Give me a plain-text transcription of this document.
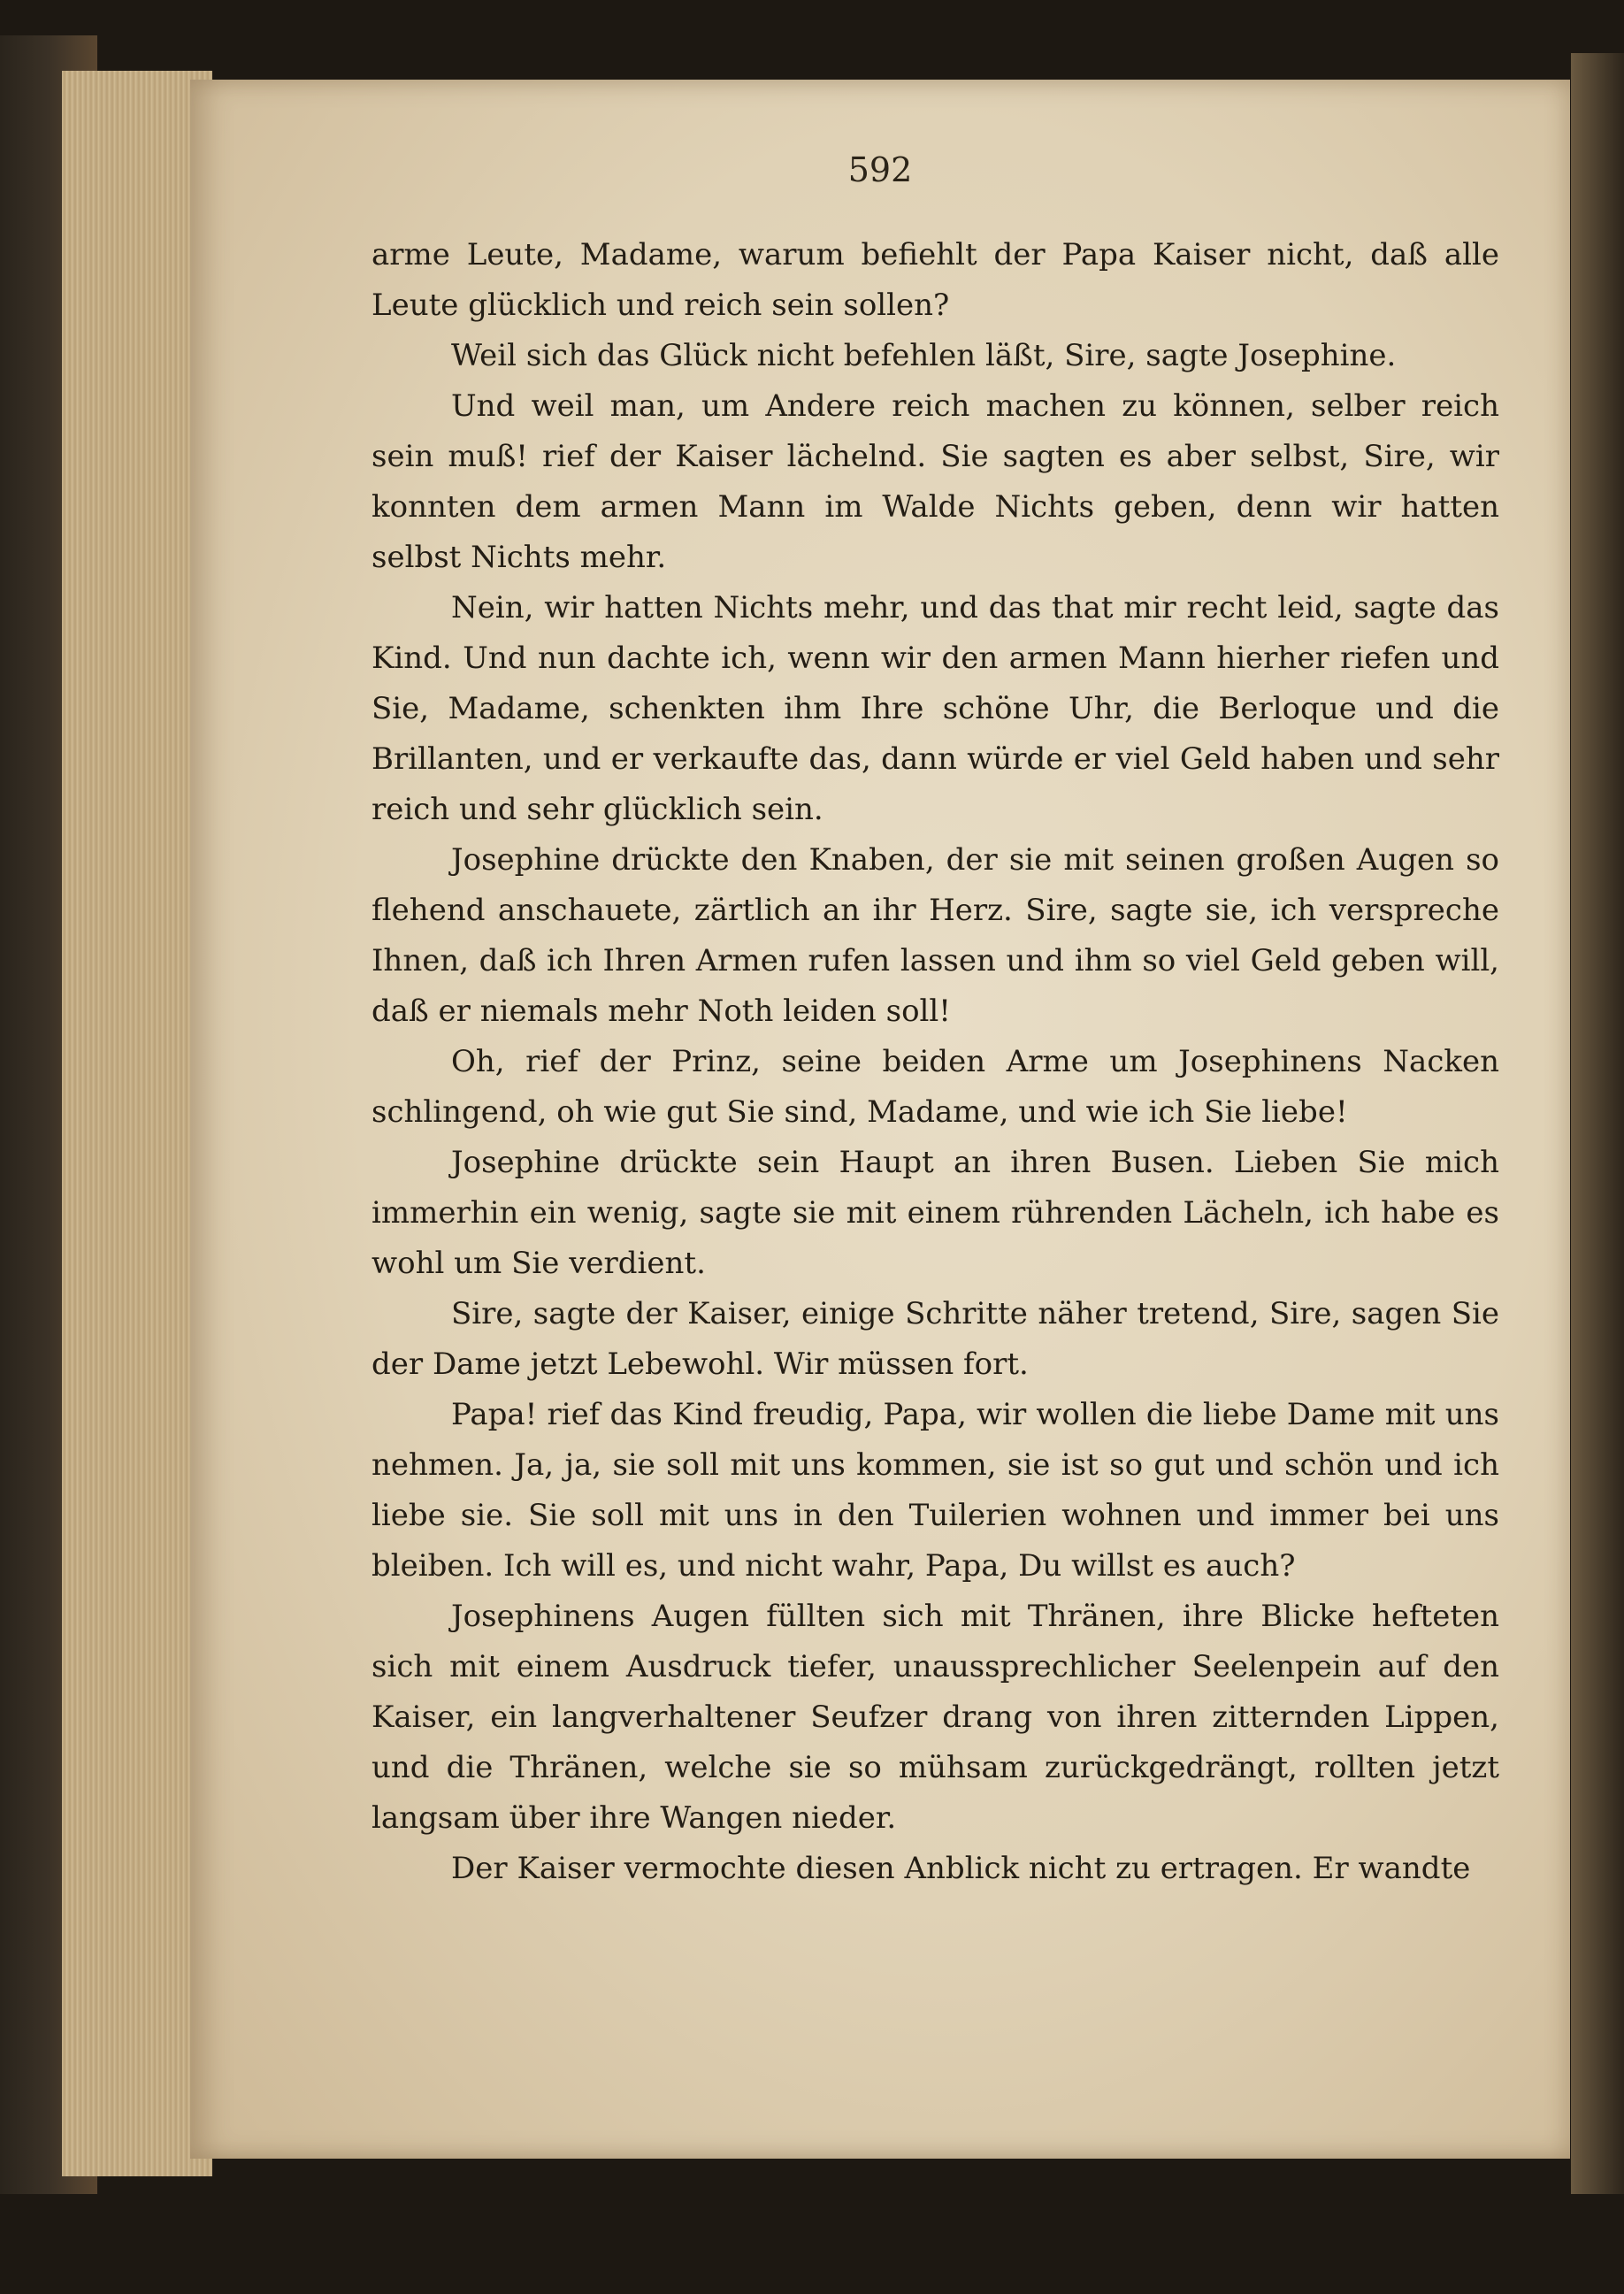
592

arme Leute, Madame, warum befiehlt der Papa Kaiser nicht, daß alle Leute glücklich und reich sein sollen?

Weil sich das Glück nicht befehlen läßt, Sire, sagte Josephine.

Und weil man, um Andere reich machen zu können, selber reich sein muß! rief der Kaiser lächelnd. Sie sagten es aber selbst, Sire, wir konnten dem armen Mann im Walde Nichts geben, denn wir hatten selbst Nichts mehr.

Nein, wir hatten Nichts mehr, und das that mir recht leid, sagte das Kind. Und nun dachte ich, wenn wir den armen Mann hierher riefen und Sie, Madame, schenkten ihm Ihre schöne Uhr, die Berloque und die Brillanten, und er verkaufte das, dann würde er viel Geld haben und sehr reich und sehr glücklich sein.

Josephine drückte den Knaben, der sie mit seinen großen Augen so flehend anschauete, zärtlich an ihr Herz. Sire, sagte sie, ich verspreche Ihnen, daß ich Ihren Armen rufen lassen und ihm so viel Geld geben will, daß er niemals mehr Noth leiden soll!

Oh, rief der Prinz, seine beiden Arme um Josephinens Nacken schlingend, oh wie gut Sie sind, Madame, und wie ich Sie liebe!

Josephine drückte sein Haupt an ihren Busen. Lieben Sie mich immerhin ein wenig, sagte sie mit einem rührenden Lächeln, ich habe es wohl um Sie verdient.

Sire, sagte der Kaiser, einige Schritte näher tretend, Sire, sagen Sie der Dame jetzt Lebewohl. Wir müssen fort.

Papa! rief das Kind freudig, Papa, wir wollen die liebe Dame mit uns nehmen. Ja, ja, sie soll mit uns kommen, sie ist so gut und schön und ich liebe sie. Sie soll mit uns in den Tuilerien wohnen und immer bei uns bleiben. Ich will es, und nicht wahr, Papa, Du willst es auch?

Josephinens Augen füllten sich mit Thränen, ihre Blicke hefteten sich mit einem Ausdruck tiefer, unaussprechlicher Seelenpein auf den Kaiser, ein langverhaltener Seufzer drang von ihren zitternden Lippen, und die Thränen, welche sie so mühsam zurückgedrängt, rollten jetzt langsam über ihre Wangen nieder.

Der Kaiser vermochte diesen Anblick nicht zu ertragen. Er wandte
